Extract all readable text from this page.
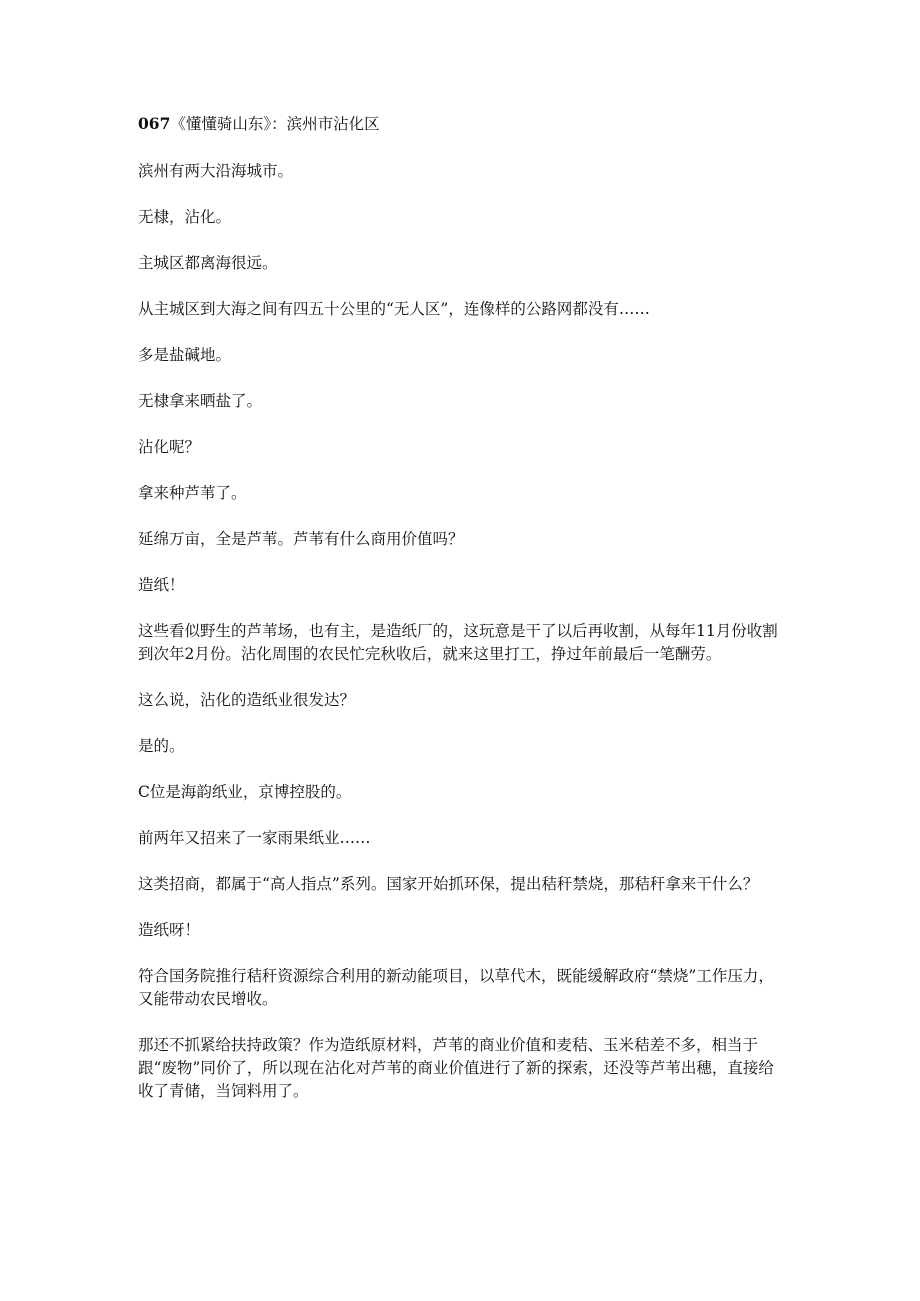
067《懂懂骑山东》：滨州市沾化区

滨州有两大沿海城市。

无棣，沾化。

主城区都离海很远。

从主城区到大海之间有四五十公里的“无人区”，连像样的公路网都没有……

多是盐碱地。

无棣拿来晒盐了。

沾化呢？

拿来种芦苇了。

延绵万亩，全是芦苇。芦苇有什么商用价值吗？

造纸！

这些看似野生的芦苇场，也有主，是造纸厂的，这玩意是干了以后再收割，从每年11月份收割到次年2月份。沾化周围的农民忙完秋收后，就来这里打工，挣过年前最后一笔酬劳。

这么说，沾化的造纸业很发达？

是的。

C位是海韵纸业，京博控股的。

前两年又招来了一家雨果纸业……

这类招商，都属于“高人指点”系列。国家开始抓环保，提出秸秆禁烧，那秸秆拿来干什么？

造纸呀！

符合国务院推行秸秆资源综合利用的新动能项目，以草代木，既能缓解政府“禁烧”工作压力，又能带动农民增收。

那还不抓紧给扶持政策？作为造纸原材料，芦苇的商业价值和麦秸、玉米秸差不多，相当于跟“废物”同价了，所以现在沾化对芦苇的商业价值进行了新的探索，还没等芦苇出穗，直接给收了青储，当饲料用了。
